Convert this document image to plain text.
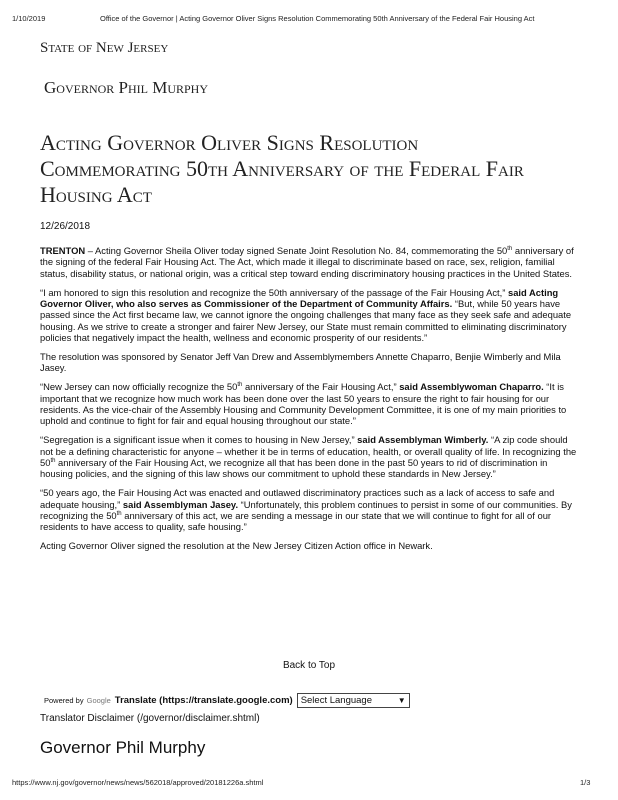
1/10/2019	Office of the Governor | Acting Governor Oliver Signs Resolution Commemorating 50th Anniversary of the Federal Fair Housing Act
State of New Jersey
Governor Phil Murphy
Acting Governor Oliver Signs Resolution Commemorating 50th Anniversary of the Federal Fair Housing Act
12/26/2018

TRENTON – Acting Governor Sheila Oliver today signed Senate Joint Resolution No. 84, commemorating the 50th anniversary of the signing of the federal Fair Housing Act. The Act, which made it illegal to discriminate based on race, sex, religion, familial status, disability status, or national origin, was a critical step toward ending discriminatory housing practices in the United States.

“I am honored to sign this resolution and recognize the 50th anniversary of the passage of the Fair Housing Act,” said Acting Governor Oliver, who also serves as Commissioner of the Department of Community Affairs. “But, while 50 years have passed since the Act first became law, we cannot ignore the ongoing challenges that many face as they seek safe and adequate housing. As we strive to create a stronger and fairer New Jersey, our State must remain committed to eliminating discriminatory policies that negatively impact the health, wellness and economic prosperity of our residents.”

The resolution was sponsored by Senator Jeff Van Drew and Assemblymembers Annette Chaparro, Benjie Wimberly and Mila Jasey.

“New Jersey can now officially recognize the 50th anniversary of the Fair Housing Act,” said Assemblywoman Chaparro. “It is important that we recognize how much work has been done over the last 50 years to ensure the right to fair housing for our residents. As the vice-chair of the Assembly Housing and Community Development Committee, it is one of my main priorities to uphold and continue to fight for fair and equal housing throughout our state.”

“Segregation is a significant issue when it comes to housing in New Jersey,” said Assemblyman Wimberly. “A zip code should not be a defining characteristic for anyone – whether it be in terms of education, health, or overall quality of life. In recognizing the 50th anniversary of the Fair Housing Act, we recognize all that has been done in the past 50 years to rid of discrimination in housing policies, and the signing of this law shows our commitment to uphold these standards in New Jersey.”

“50 years ago, the Fair Housing Act was enacted and outlawed discriminatory practices such as a lack of access to safe and adequate housing,” said Assemblyman Jasey. “Unfortunately, this problem continues to persist in some of our communities. By recognizing the 50th anniversary of this act, we are sending a message in our state that we will continue to fight for all of our residents to have access to quality, safe housing.”

Acting Governor Oliver signed the resolution at the New Jersey Citizen Action office in Newark.

Back to Top
Powered by Google Translate (https://translate.google.com) Select Language	▼
Translator Disclaimer (/governor/disclaimer.shtml)
Governor Phil Murphy
https://www.nj.gov/governor/news/news/562018/approved/20181226a.shtml	1/3
